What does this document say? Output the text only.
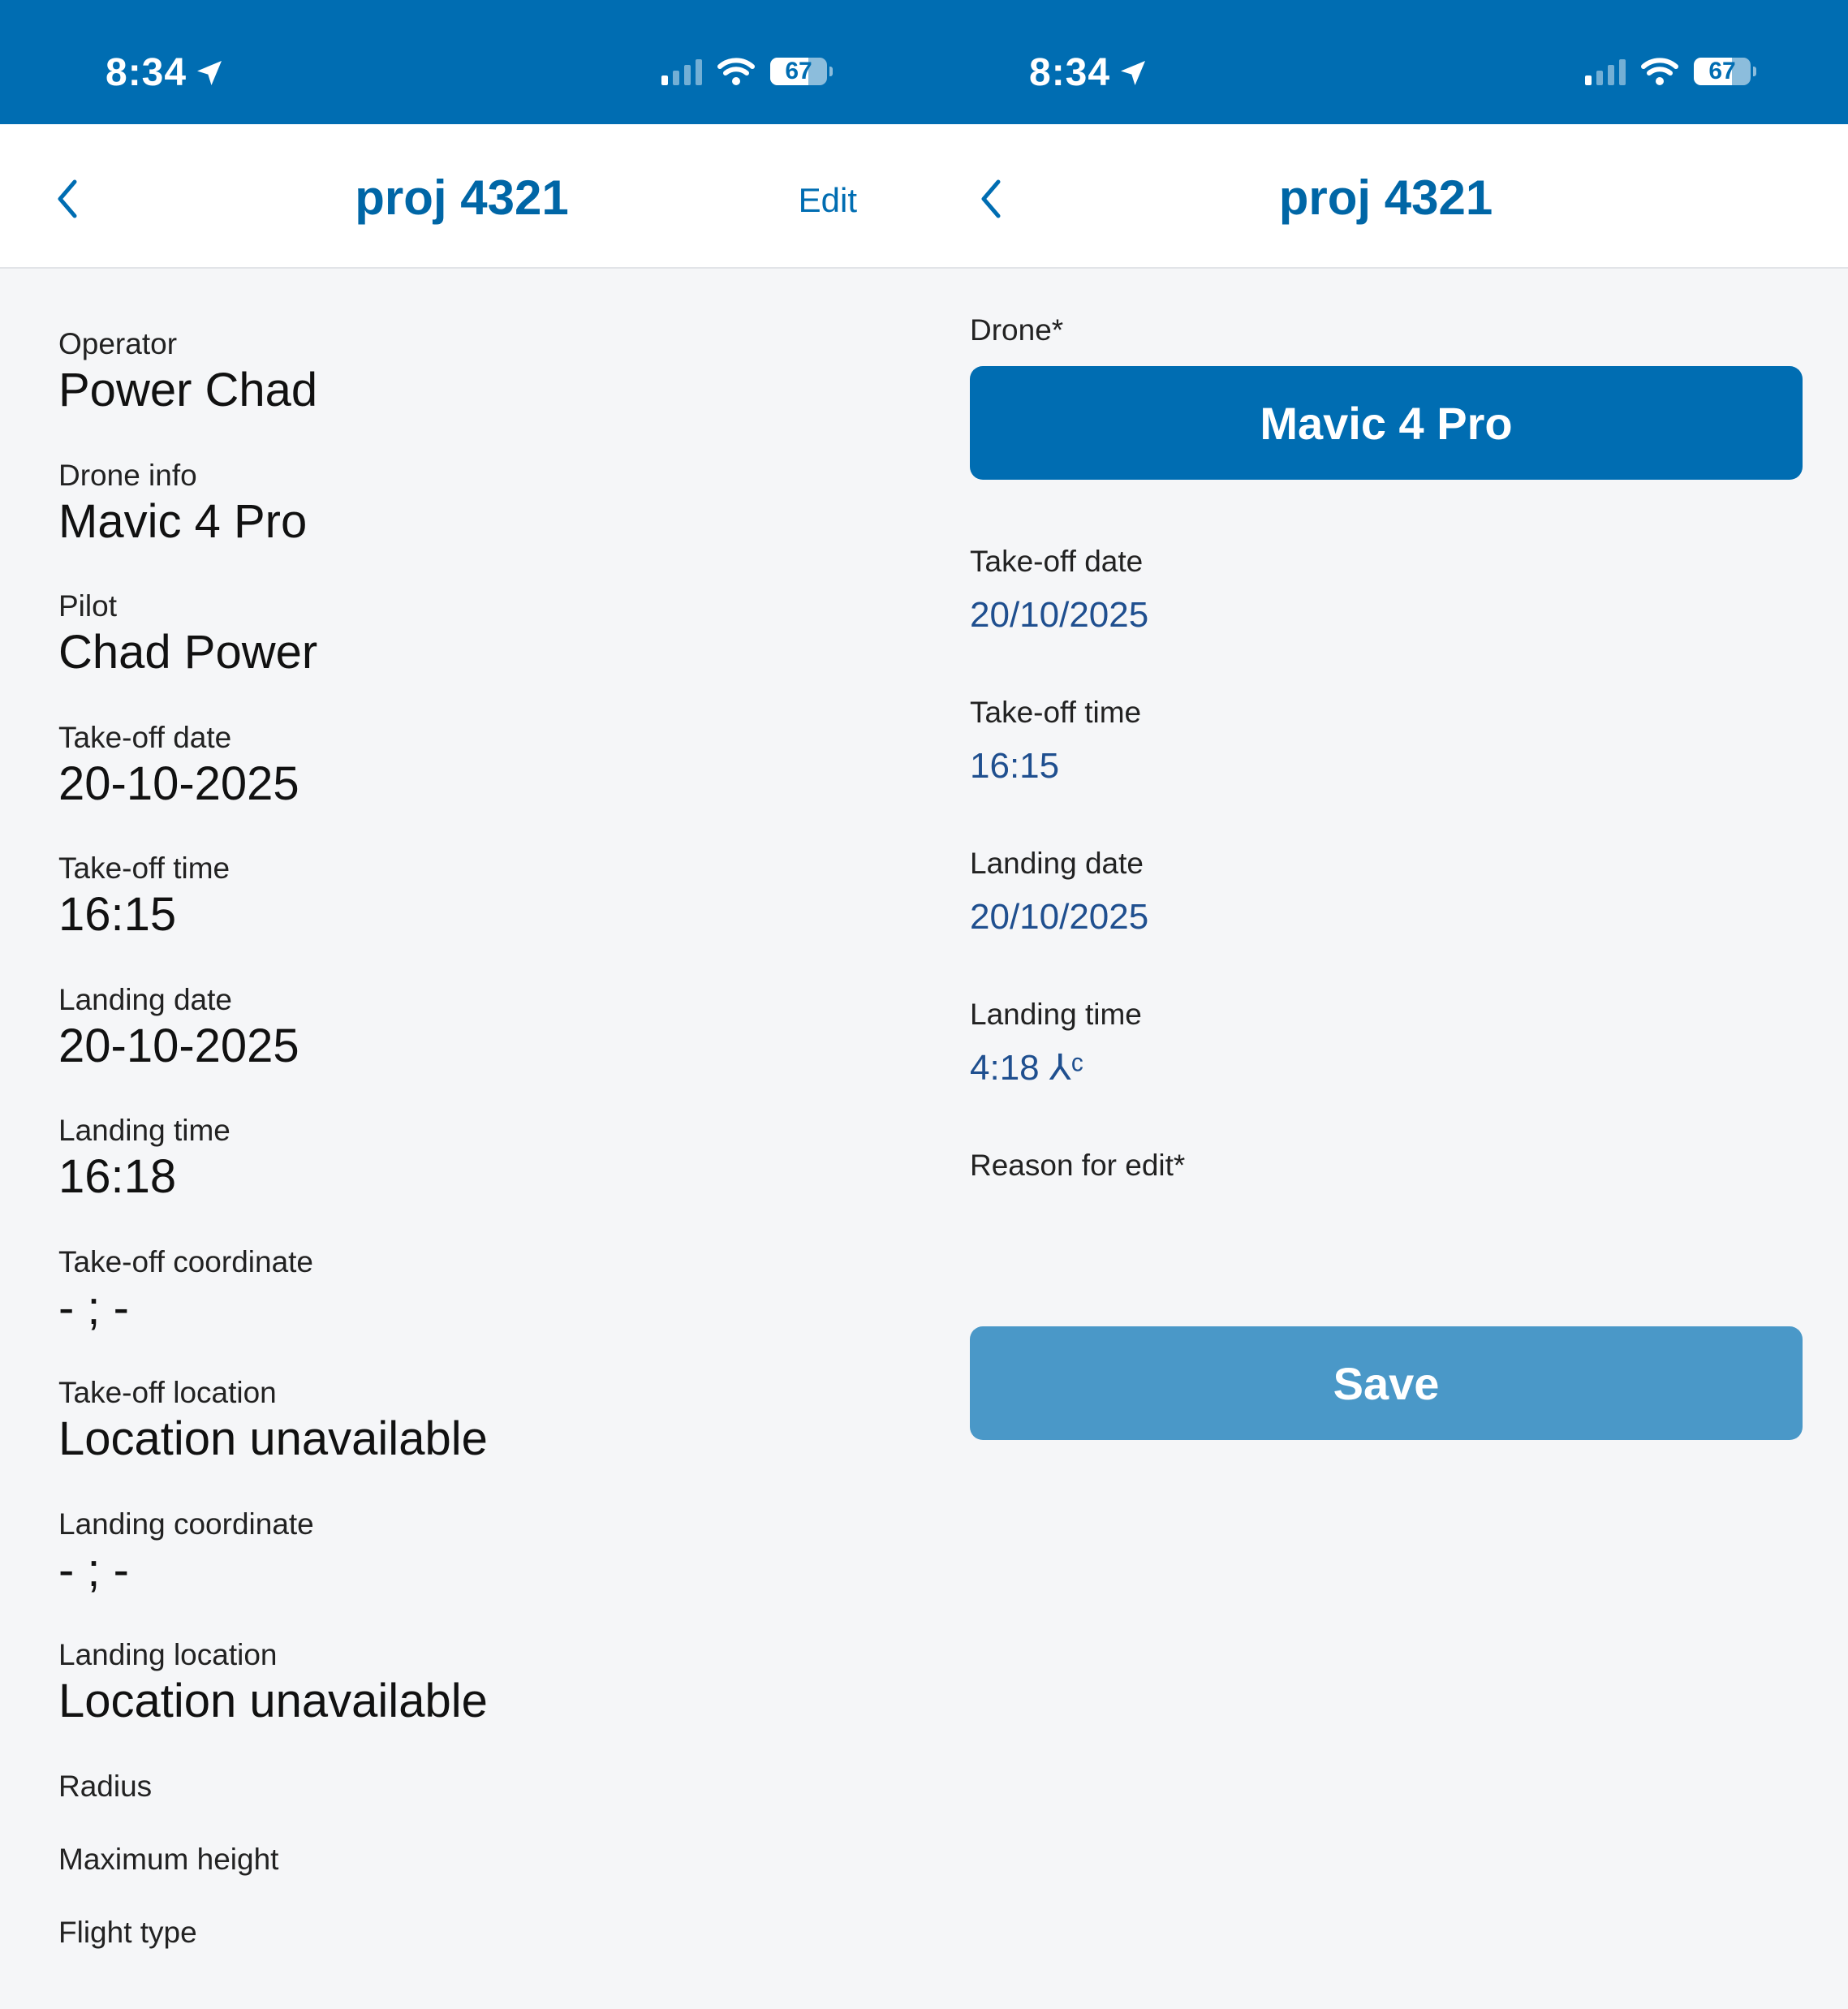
8:34	67
proj 4321	Edit
Operator
Power Chad
Drone info
Mavic 4 Pro
Pilot
Chad Power
Take-off date
20-10-2025
Take-off time
16:15
Landing date
20-10-2025
Landing time
16:18
Take-off coordinate
- ; -
Take-off location
Location unavailable
Landing coordinate
- ; -
Landing location
Location unavailable
Radius
Maximum height
Flight type
8:34	67
proj 4321
Drone*
Mavic 4 Pro
Take-off date
20/10/2025
Take-off time
16:15
Landing date
20/10/2025
Landing time
4:18 ⅄ᶜ
Reason for edit*
Save
